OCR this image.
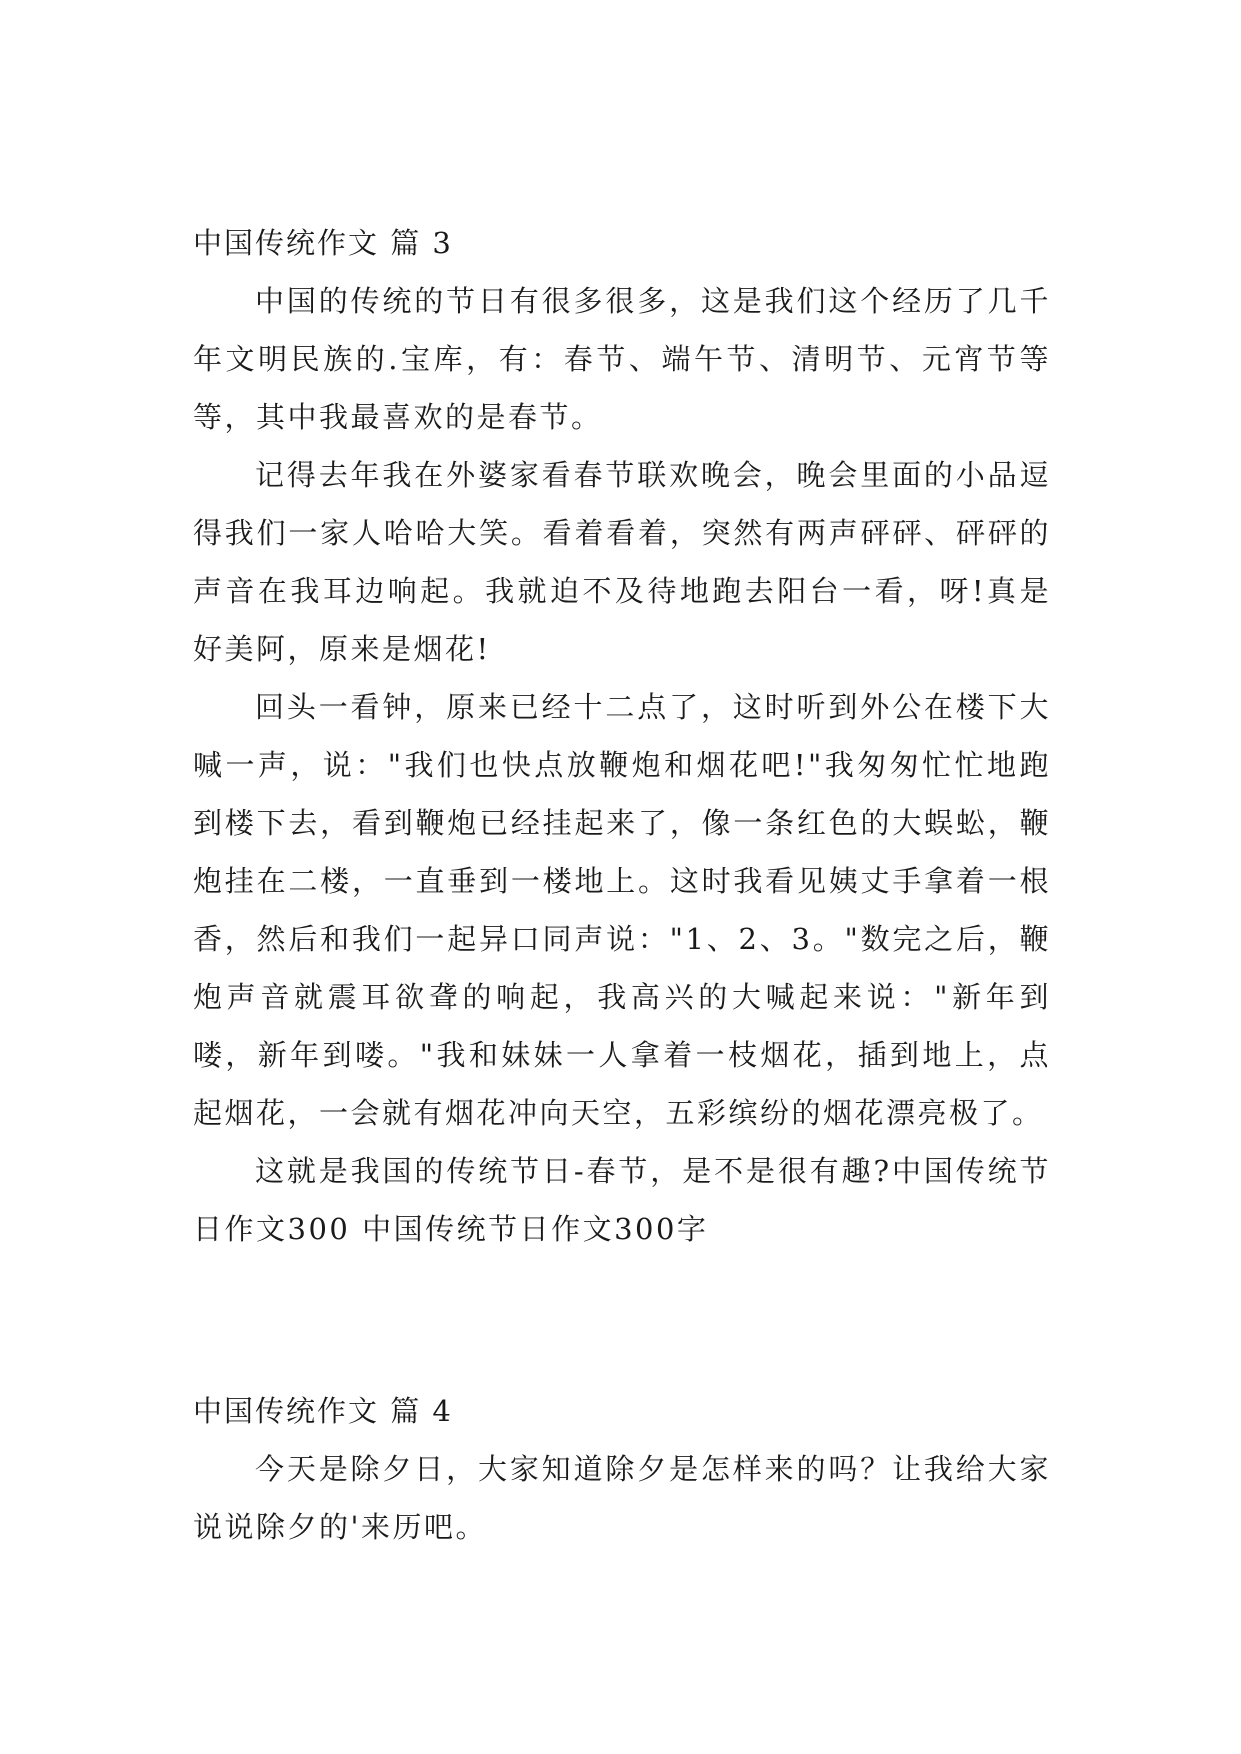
中国传统作文 篇 3

中国的传统的节日有很多很多，这是我们这个经历了几千年文明民族的.宝库，有：春节、端午节、清明节、元宵节等等，其中我最喜欢的是春节。

记得去年我在外婆家看春节联欢晚会，晚会里面的小品逗得我们一家人哈哈大笑。看着看着，突然有两声砰砰、砰砰的声音在我耳边响起。我就迫不及待地跑去阳台一看，呀!真是好美阿，原来是烟花!

回头一看钟，原来已经十二点了，这时听到外公在楼下大喊一声，说："我们也快点放鞭炮和烟花吧!"我匆匆忙忙地跑到楼下去，看到鞭炮已经挂起来了，像一条红色的大蜈蚣，鞭炮挂在二楼，一直垂到一楼地上。这时我看见姨丈手拿着一根香，然后和我们一起异口同声说："1、2、3。"数完之后，鞭炮声音就震耳欲聋的响起，我高兴的大喊起来说："新年到喽，新年到喽。"我和妹妹一人拿着一枝烟花，插到地上，点起烟花，一会就有烟花冲向天空，五彩缤纷的烟花漂亮极了。

这就是我国的传统节日-春节，是不是很有趣?中国传统节日作文300 中国传统节日作文300字

中国传统作文 篇 4

今天是除夕日，大家知道除夕是怎样来的吗？让我给大家说说除夕的'来历吧。
